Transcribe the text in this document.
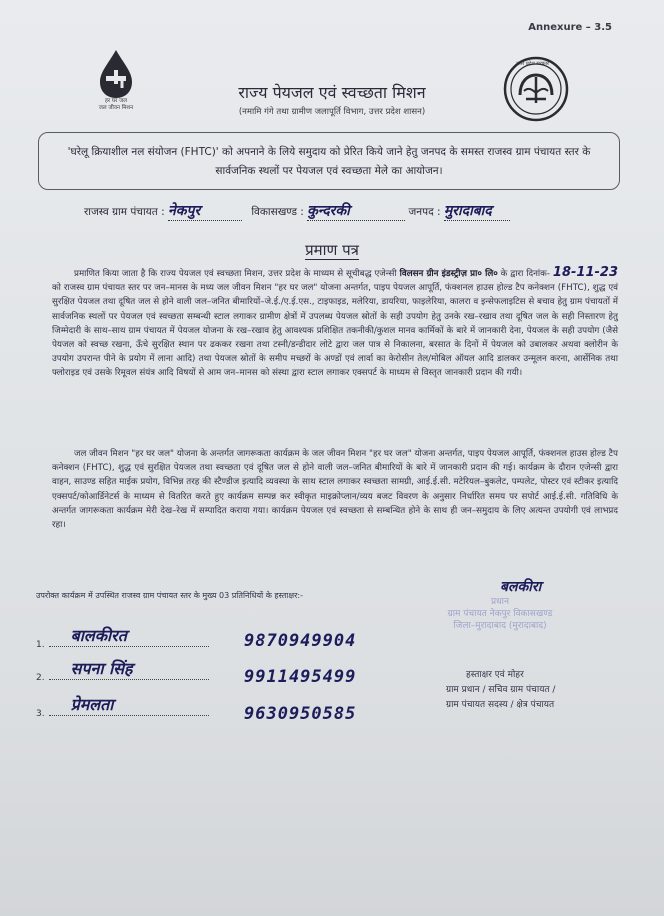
Annexure – 3.5
हर घर जल
जल जीवन मिशन
उत्तर प्रदेश सरकार
राज्य पेयजल एवं स्वच्छता मिशन
(नमामि गंगे तथा ग्रामीण जलापूर्ति विभाग, उत्तर प्रदेश शासन)
'घरेलू क्रियाशील नल संयोजन (FHTC)' को अपनाने के लिये समुदाय को प्रेरित किये जाने हेतु जनपद के समस्त राजस्व ग्राम पंचायत स्तर के सार्वजनिक स्थलों पर पेयजल एवं स्वच्छता मेले का आयोजन।
राजस्व ग्राम पंचायत : नेकपुर	विकासखण्ड : कुन्दरकी	जनपद : मुरादाबाद
प्रमाण पत्र
प्रमाणित किया जाता है कि राज्य पेयजल एवं स्वच्छता मिशन, उत्तर प्रदेश के माध्यम से सूचीबद्ध एजेन्सी विलसन ग्रीन इंडस्ट्रीज़ प्रा० लि० के द्वारा दिनांक- 18-11-23 को राजस्व ग्राम पंचायत स्तर पर जन–मानस के मध्य जल जीवन मिशन "हर घर जल" योजना अन्तर्गत, पाइप पेयजल आपूर्ति, फंक्शनल हाउस होल्ड टैप कनेक्शन (FHTC), शुद्ध एवं सुरक्षित पेयजल तथा दूषित जल से होने वाली जल–जनित बीमारियों–जे.ई./ए.ई.एस., टाइफाइड, मलेरिया, डायरिया, फाइलेरिया, कालरा व इन्सेफलाइटिस से बचाव हेतु ग्राम पंचायतों में सार्वजनिक स्थलों पर पेयजल एवं स्वच्छता सम्बन्धी स्टाल लगाकर ग्रामीण क्षेत्रों में उपलब्ध पेयजल स्रोतों के सही उपयोग हेतु उनके रख–रखाव तथा दूषित जल के सही निस्तारण हेतु जिम्मेदारी के साथ–साथ ग्राम पंचायत में पेयजल योजना के रख–रखाव हेतु आवश्यक प्रशिक्षित तकनीकी/कुशल मानव कार्मिकों के बारे में जानकारी देना, पेयजल के सही उपयोग (जैसे पेयजल को स्वच्छ रखना, ऊँचे सुरक्षित स्थान पर ढककर रखना तथा टस्नी/डन्डीदार लोटे द्वारा जल पात्र से निकालना, बरसात के दिनों में पेयजल को उबालकर अथवा क्लोरीन के उपयोग उपरान्त पीने के प्रयोग में लाना आदि) तथा पेयजल स्रोतों के समीप मच्छरों के अण्डों एवं लार्वा का केरोसीन तेल/मोबिल ऑयल आदि डालकर उन्मूलन करना, आर्सेनिक तथा फ्लोराइड एवं उसके रिमूवल संयंत्र आदि विषयों से आम जन–मानस को संस्था द्वारा स्टाल लगाकर एक्सपर्ट के माध्यम से विस्तृत जानकारी प्रदान की गयी।
जल जीवन मिशन "हर घर जल" योजना के अन्तर्गत जागरूकता कार्यक्रम के जल जीवन मिशन "हर घर जल" योजना अन्तर्गत, पाइप पेयजल आपूर्ति, फंक्शनल हाउस होल्ड टैप कनेक्शन (FHTC), शुद्ध एवं सुरक्षित पेयजल तथा स्वच्छता एवं दूषित जल से होने वाली जल–जनित बीमारियों के बारे में जानकारी प्रदान की गई। कार्यक्रम के दौरान एजेन्सी द्वारा वाहन, साउण्ड सहित माईक प्रयोग, विभिन्न तरह की स्टैण्डीज इत्यादि व्यवस्था के साथ स्टाल लगाकर स्वच्छता सामग्री, आई.ई.सी. मटेरियल–बुकलेट, पम्पलेट, पोस्टर एवं स्टीकर इत्यादि एक्सपर्ट/कोआर्डिनेटर्स के माध्यम से वितरित करते हुए कार्यक्रम सम्पन्न कर स्वीकृत माइक्रोप्लान/व्यय बजट विवरण के अनुसार निर्धारित समय पर सपोर्ट आई.ई.सी. गतिविधि के अन्तर्गत जागरूकता कार्यक्रम मेरी देख–रेख में सम्पादित कराया गया। कार्यक्रम पेयजल एवं स्वच्छता से सम्बन्धित होने के साथ ही जन–समुदाय के लिए अत्यन्त उपयोगी एवं लाभप्रद रहा।
उपरोक्त कार्यक्रम में उपस्थित राजस्व ग्राम पंचायत स्तर के मुख्य 03 प्रतिनिधियों के हस्ताक्षर:-
1. बालकीरत
2. सपना सिंह
3. प्रेमलता
9870949904
9911495499
9630950585
बलकीरा
प्रधान
ग्राम पंचायत नेकपुर विकासखण्ड
जिला–मुरादाबाद (मुरादाबाद)
हस्ताक्षर एवं मोहर
ग्राम प्रधान / सचिव ग्राम पंचायत /
ग्राम पंचायत सदस्य / क्षेत्र पंचायत
